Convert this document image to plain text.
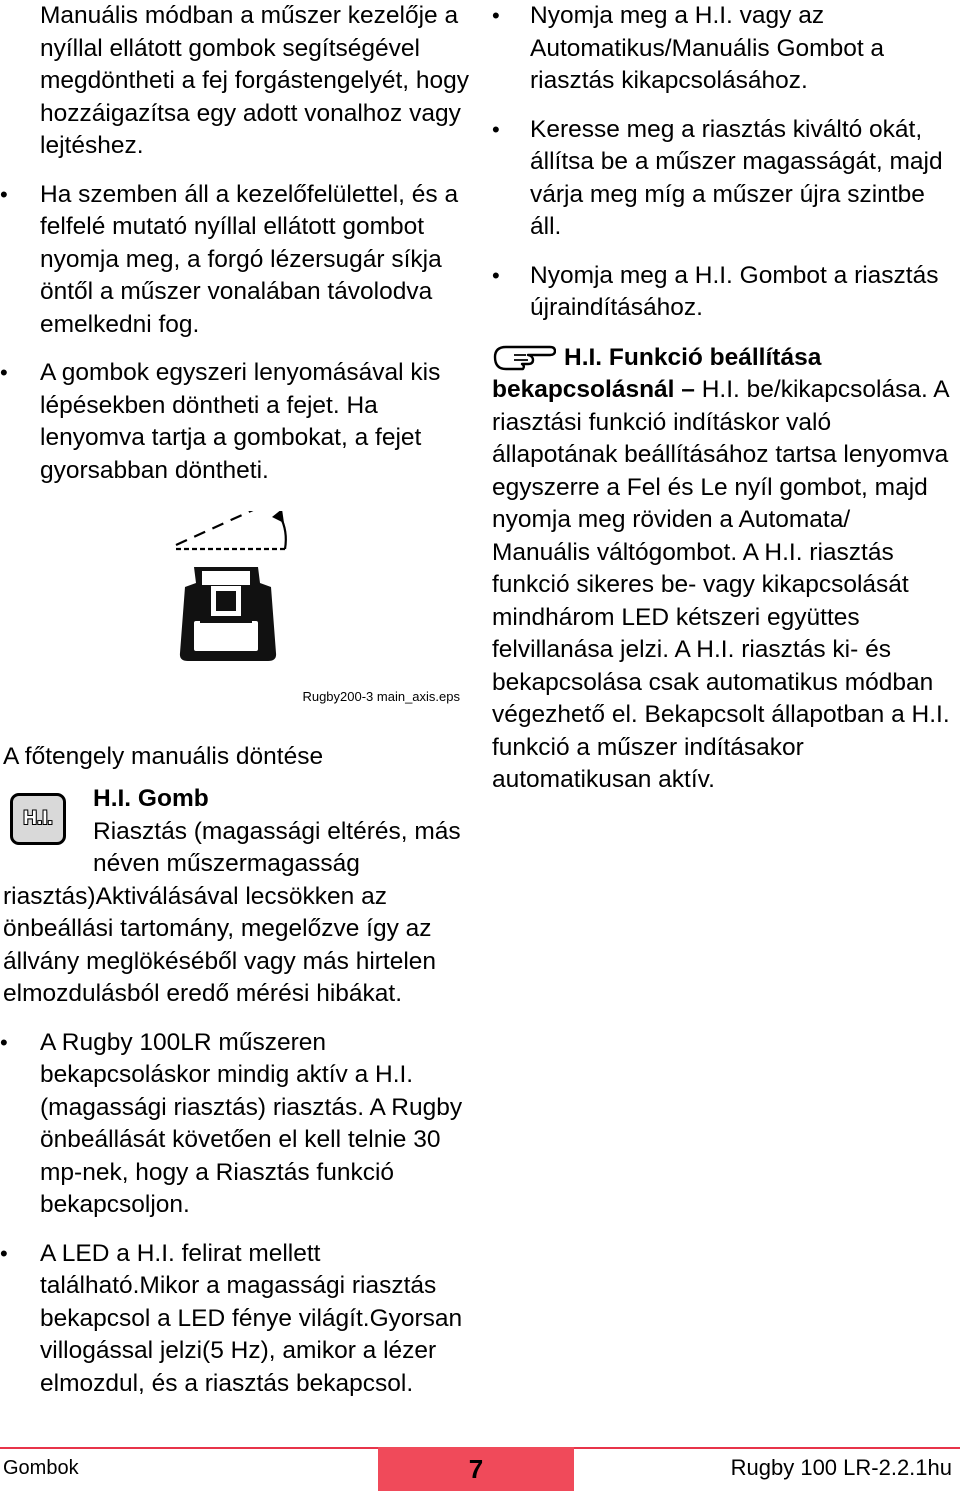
Manuális módban a műszer kezelője a nyíllal ellátott gombok segítségével megdöntheti a fej forgástengelyét, hogy hozzáigazítsa egy adott vonalhoz vagy lejtéshez.

•	Ha szemben áll a kezelőfelülettel, és a felfelé mutató nyíllal ellátott gombot nyomja meg, a forgó lézersugár síkja öntől a műszer vonalában távolodva emelkedni fog.
•	A gombok egyszeri lenyomásával kis lépésekben döntheti a fejet. Ha lenyomva tartja a gombokat, a fejet gyorsabban döntheti.
Rugby200-3 main_axis.eps

A főtengely manuális döntése

H.I.
H.I. Gomb
Riasztás (magassági eltérés, más néven műszermagasság

riasztás)Aktiválásával lecsökken az önbeállási tartomány, megelőzve így az állvány meglökéséből vagy más hirtelen elmozdulásból eredő mérési hibákat.

•	A Rugby 100LR műszeren bekapcsoláskor mindig aktív a H.I. (magassági riasztás) riasztás. A Rugby önbeállását követően el kell telnie 30 mp-nek, hogy a Riasztás funkció bekapcsoljon.
•	A LED a H.I. felirat mellett található.Mikor a magassági riasztás bekapcsol a LED fénye világít.Gyorsan villogással jelzi(5 Hz), amikor a lézer elmozdul, és a riasztás bekapcsol.
•	Nyomja meg a H.I. vagy az Automatikus/Manuális Gombot a riasztás kikapcsolásához.
•	Keresse meg a riasztás kiváltó okát, állítsa be a műszer magasságát, majd várja meg míg a műszer újra szintbe áll.
•	Nyomja meg a H.I. Gombot a riasztás újraindításához.

H.I. Funkció beállítása bekapcsolásnál – H.I. be/kikapcsolása. A riasztási funkció indításkor való állapotának beállításához tartsa lenyomva egyszerre a Fel és Le nyíl gombot, majd nyomja meg röviden a Automata/ Manuális váltógombot. A H.I. riasztás funkció sikeres be- vagy kikapcsolását mindhárom LED kétszeri együttes felvillanása jelzi. A H.I. riasztás ki- és bekapcsolása csak automatikus módban végezhető el. Bekapcsolt állapotban a H.I. funkció a műszer indításakor automatikusan aktív.

Gombok	7	Rugby 100 LR-2.2.1hu
